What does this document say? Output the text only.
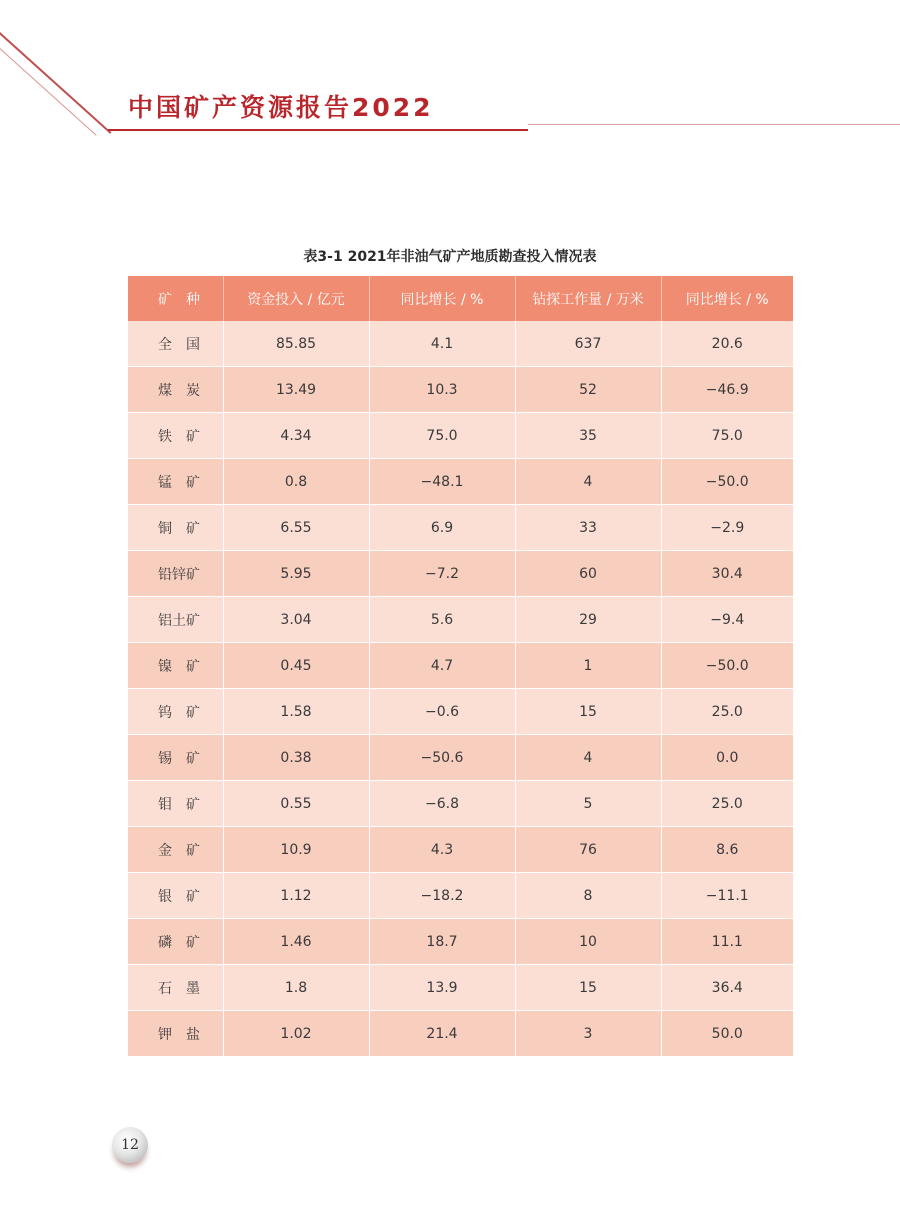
中国矿产资源报告2022
表3-1 2021年非油气矿产地质勘查投入情况表
矿　种	资金投入 / 亿元	同比增长 / %	钻探工作量 / 万米	同比增长 / %
全　国	85.85	4.1	637	20.6
煤　炭	13.49	10.3	52	−46.9
铁　矿	4.34	75.0	35	75.0
锰　矿	0.8	−48.1	4	−50.0
铜　矿	6.55	6.9	33	−2.9
铅锌矿	5.95	−7.2	60	30.4
铝土矿	3.04	5.6	29	−9.4
镍　矿	0.45	4.7	1	−50.0
钨　矿	1.58	−0.6	15	25.0
锡　矿	0.38	−50.6	4	0.0
钼　矿	0.55	−6.8	5	25.0
金　矿	10.9	4.3	76	8.6
银　矿	1.12	−18.2	8	−11.1
磷　矿	1.46	18.7	10	11.1
石　墨	1.8	13.9	15	36.4
钾　盐	1.02	21.4	3	50.0
12
